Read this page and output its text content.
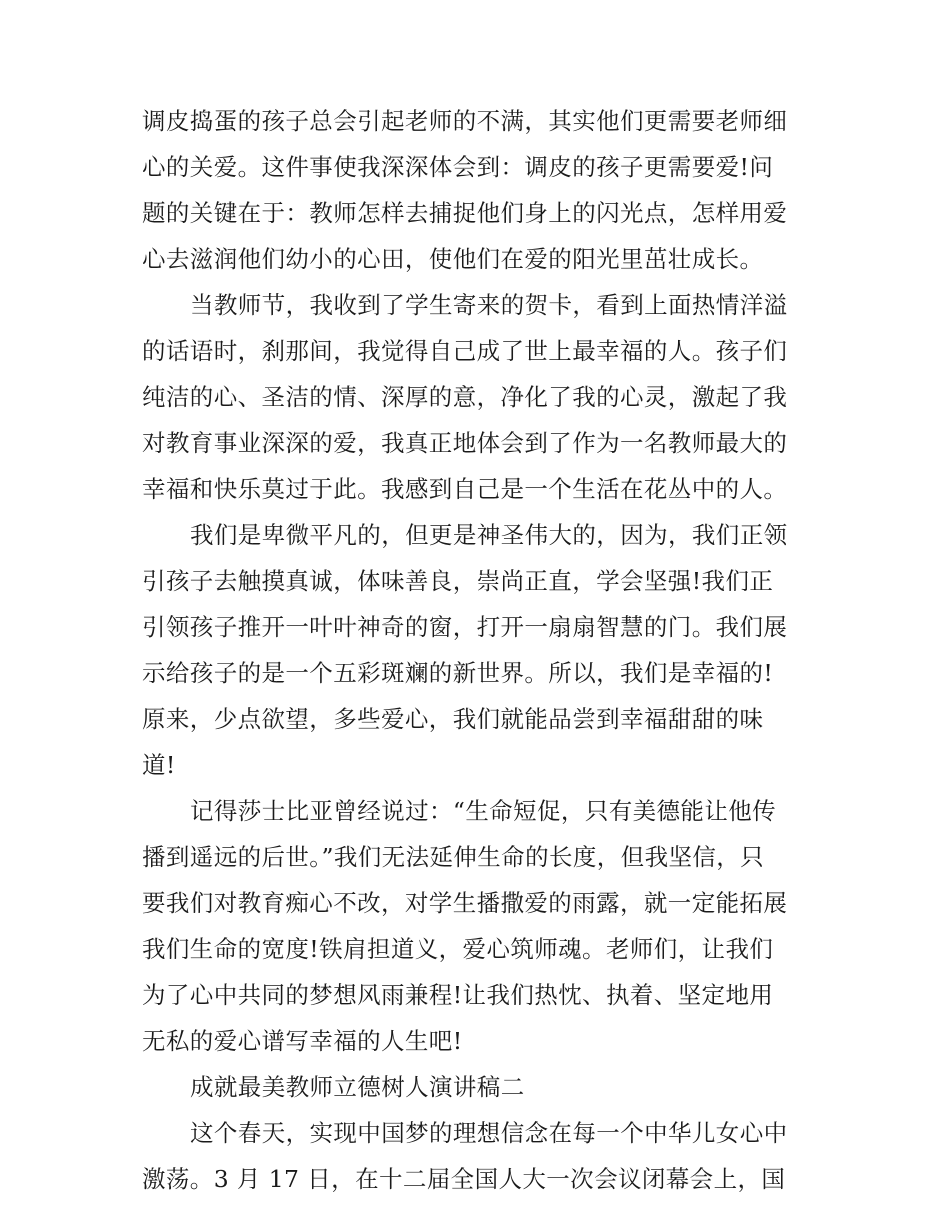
调皮捣蛋的孩子总会引起老师的不满，其实他们更需要老师细
心的关爱。这件事使我深深体会到：调皮的孩子更需要爱!问
题的关键在于：教师怎样去捕捉他们身上的闪光点，怎样用爱
心去滋润他们幼小的心田，使他们在爱的阳光里茁壮成长。
当教师节，我收到了学生寄来的贺卡，看到上面热情洋溢
的话语时，刹那间，我觉得自己成了世上最幸福的人。孩子们
纯洁的心、圣洁的情、深厚的意，净化了我的心灵，激起了我
对教育事业深深的爱，我真正地体会到了作为一名教师最大的
幸福和快乐莫过于此。我感到自己是一个生活在花丛中的人。
我们是卑微平凡的，但更是神圣伟大的，因为，我们正领
引孩子去触摸真诚，体味善良，崇尚正直，学会坚强!我们正
引领孩子推开一叶叶神奇的窗，打开一扇扇智慧的门。我们展
示给孩子的是一个五彩斑斓的新世界。所以，我们是幸福的!
原来，少点欲望，多些爱心，我们就能品尝到幸福甜甜的味
道!
记得莎士比亚曾经说过：“生命短促，只有美德能让他传
播到遥远的后世。”我们无法延伸生命的长度，但我坚信，只
要我们对教育痴心不改，对学生播撒爱的雨露，就一定能拓展
我们生命的宽度!铁肩担道义，爱心筑师魂。老师们，让我们
为了心中共同的梦想风雨兼程!让我们热忱、执着、坚定地用
无私的爱心谱写幸福的人生吧!
成就最美教师立德树人演讲稿二
这个春天，实现中国梦的理想信念在每一个中华儿女心中
激荡。3 月 17 日，在十二届全国人大一次会议闭幕会上，国
